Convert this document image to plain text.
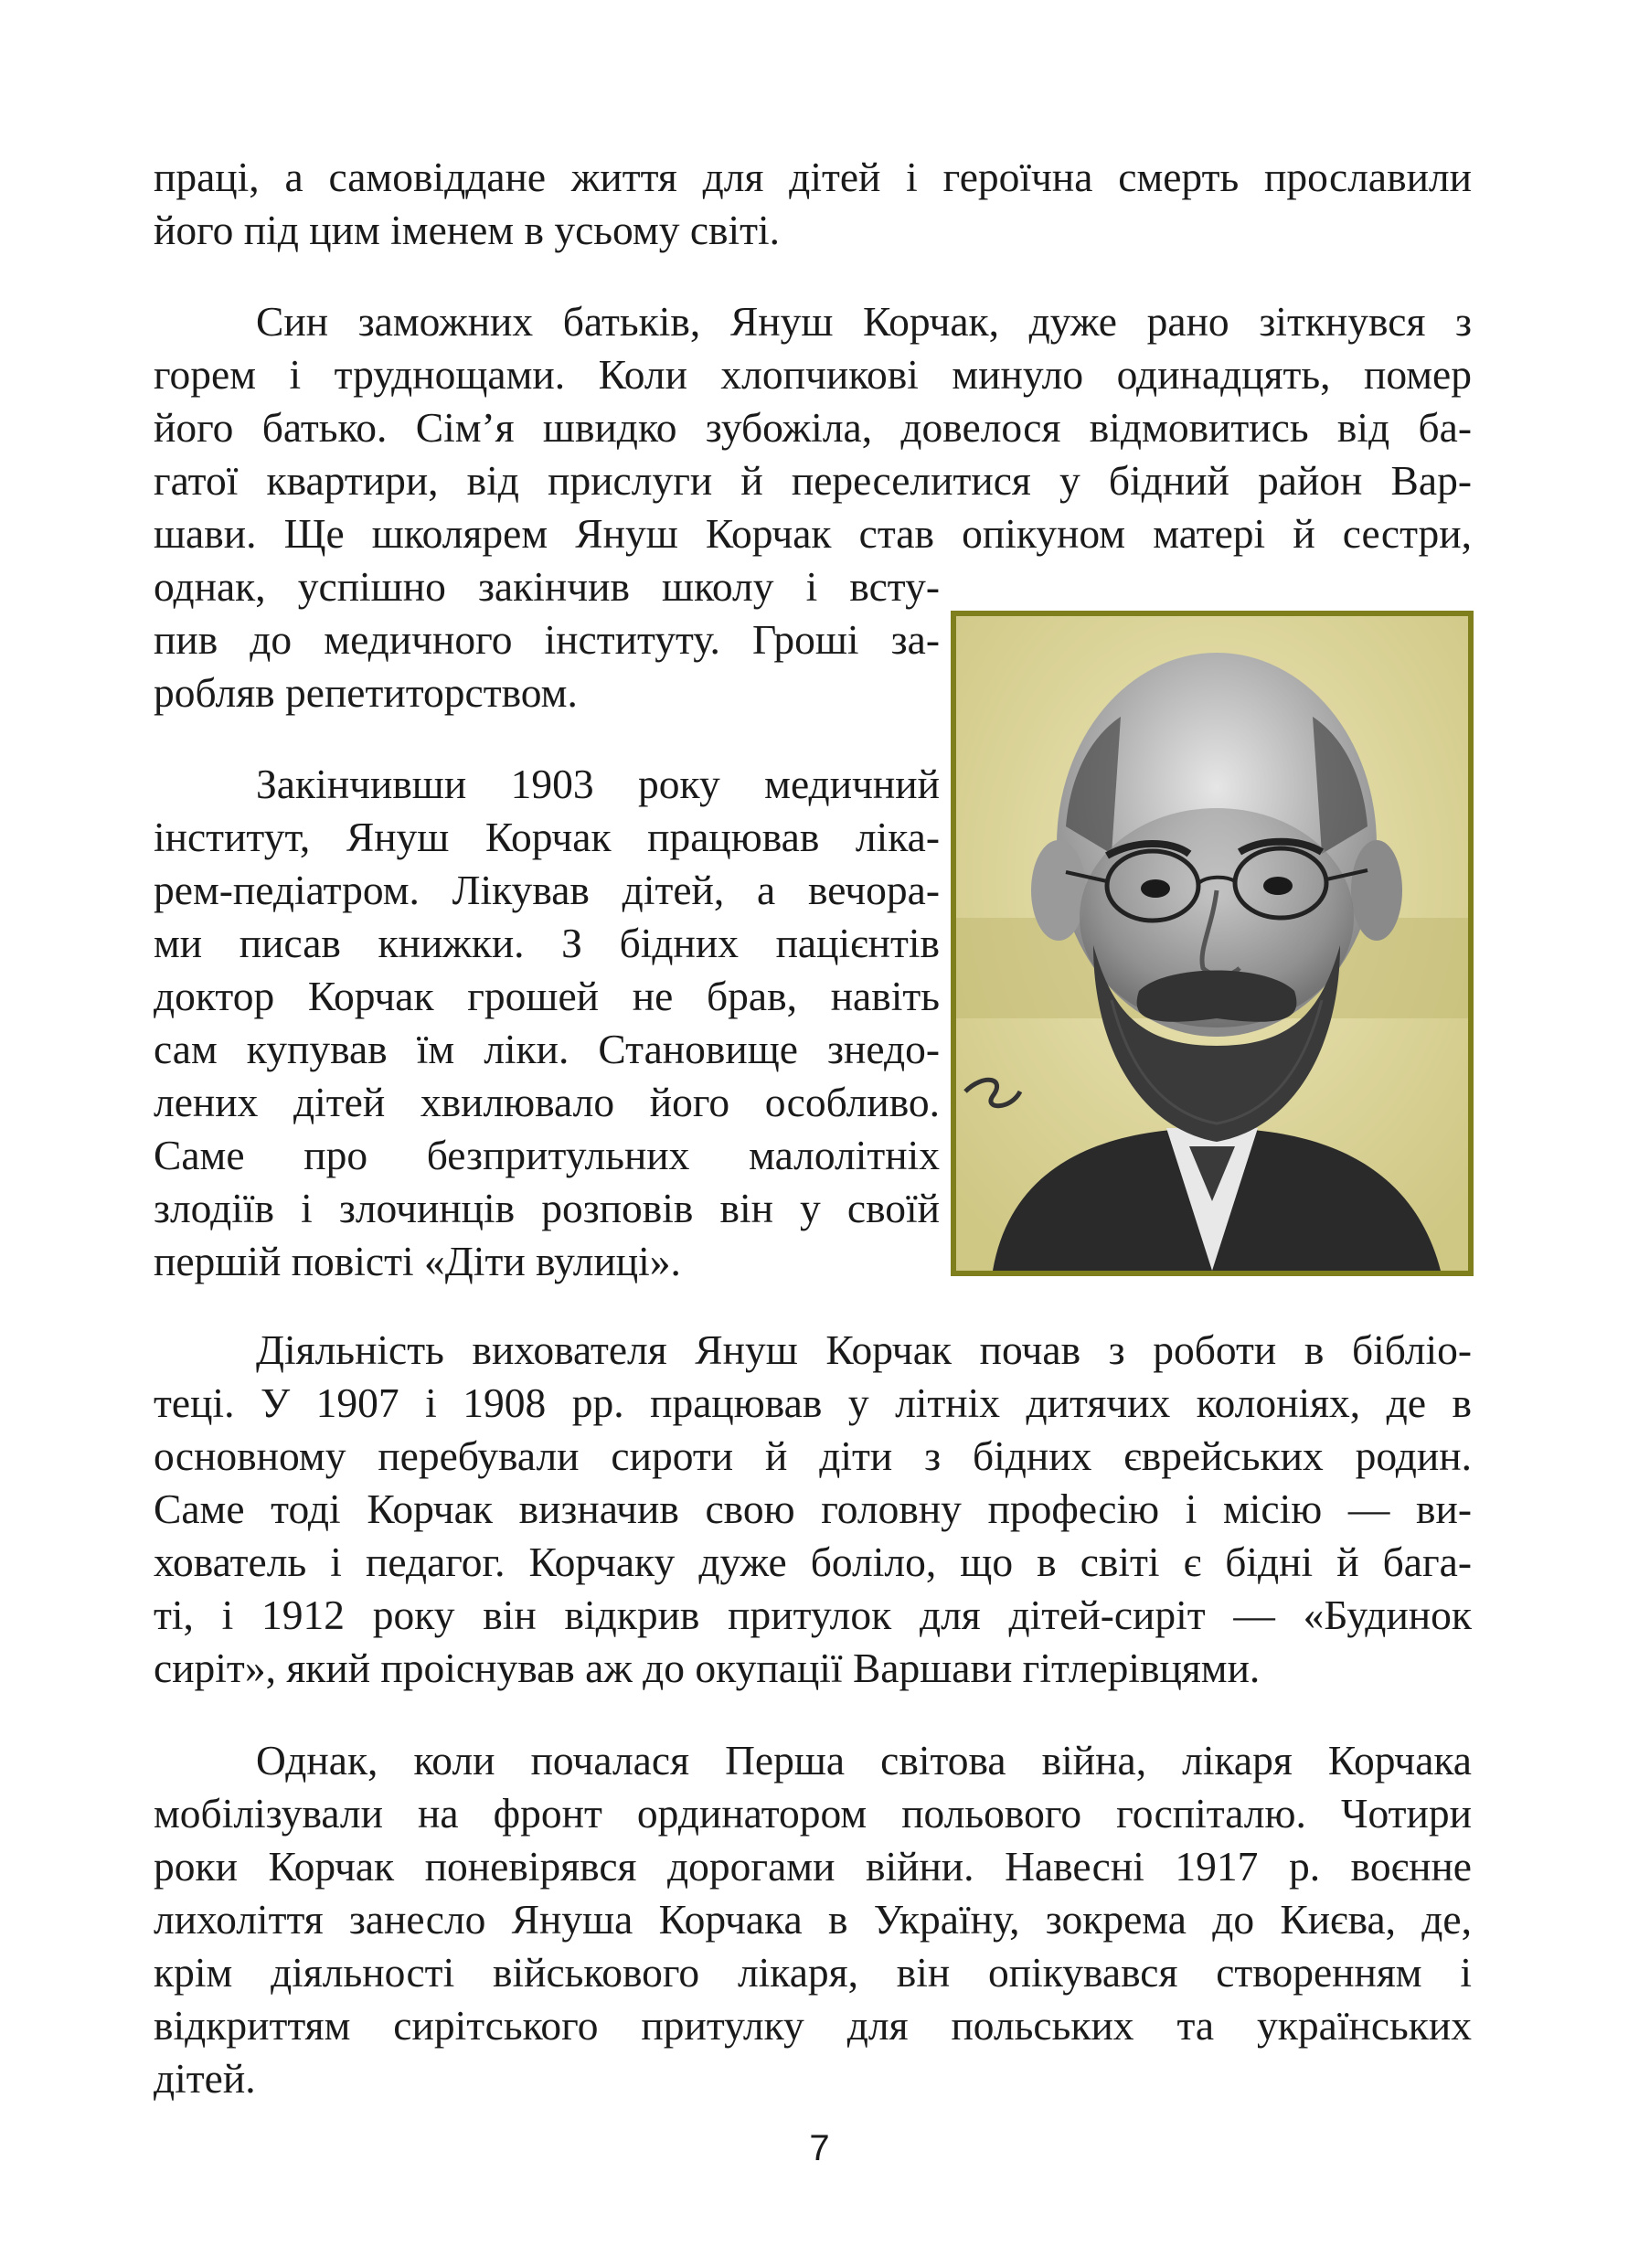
праці, а самовіддане життя для дітей і героїчна смерть прославили
його під цим іменем в усьому світі.
Син заможних батьків, Януш Корчак, дуже рано зіткнувся з
горем і труднощами. Коли хлопчикові минуло одинадцять, помер
його батько. Сім’я швидко зубожіла, довелося відмовитись від ба-
гатої квартири, від прислуги й переселитися у бідний район Вар-
шави. Ще школярем Януш Корчак став опікуном матері й сестри,
однак, успішно закінчив школу і всту-
пив до медичного інституту. Гроші за-
робляв репетиторством.
Закінчивши 1903 року медичний
інститут, Януш Корчак працював ліка-
рем-педіатром. Лікував дітей, а вечора-
ми писав книжки. З бідних пацієнтів
доктор Корчак грошей не брав, навіть
сам купував їм ліки. Становище знедо-
лених дітей хвилювало його особливо.
Саме про безпритульних малолітніх
злодіїв і злочинців розповів він у своїй
першій повісті «Діти вулиці».
Діяльність вихователя Януш Корчак почав з роботи в бібліо-
теці. У 1907 і 1908 рр. працював у літніх дитячих колоніях, де в
основному перебували сироти й діти з бідних єврейських родин.
Саме тоді Корчак визначив свою головну професію і місію — ви-
хователь і педагог. Корчаку дуже боліло, що в світі є бідні й бага-
ті, і 1912 року він відкрив притулок для дітей-сиріт — «Будинок
сиріт», який проіснував аж до окупації Варшави гітлерівцями.
Однак, коли почалася Перша світова війна, лікаря Корчака
мобілізували на фронт ординатором польового госпіталю. Чотири
роки Корчак поневірявся дорогами війни. Навесні 1917 р. воєнне
лихоліття занесло Януша Корчака в Україну, зокрема до Києва, де,
крім діяльності військового лікаря, він опікувався створенням і
відкриттям сирітського притулку для польських та українських
дітей.
7
